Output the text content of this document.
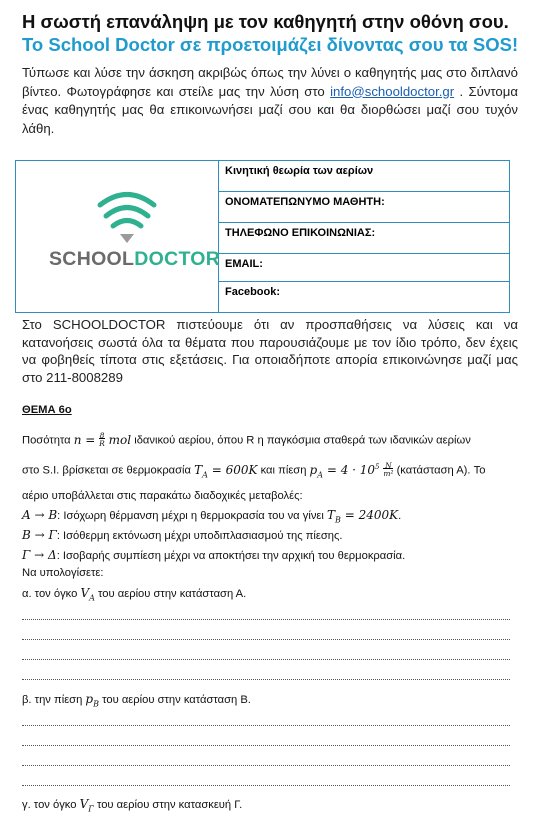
Η σωστή επανάληψη με τον καθηγητή στην οθόνη σου.
Το School Doctor σε προετοιμάζει δίνοντας σου τα SOS!
Τύπωσε και λύσε την άσκηση ακριβώς όπως την λύνει ο καθηγητής μας στο διπλανό βίντεο. Φωτογράφησε και στείλε μας την λύση στο info@schooldoctor.gr . Σύντομα ένας καθηγητής μας θα επικοινωνήσει μαζί σου και θα διορθώσει μαζί σου τυχόν λάθη.
SCHOOLDOCTOR
	Κινητική θεωρία των αερίων
ΟΝΟΜΑΤΕΠΩΝΥΜΟ ΜΑΘΗΤΗ:
ΤΗΛΕΦΩΝΟ ΕΠΙΚΟΙΝΩΝΙΑΣ:
EMAIL:
Facebook:
Στο SCHOOLDOCTOR πιστεύουμε ότι αν προσπαθήσεις να λύσεις και να κατανοήσεις σωστά όλα τα θέματα που παρουσιάζουμε με τον ίδιο τρόπο, δεν έχεις να φοβηθείς τίποτα στις εξετάσεις. Για οποιαδήποτε απορία επικοινώνησε μαζί μας στο 211-8008289
ΘΕΜΑ 6ο
Ποσότητα n = 8
R mol ιδανικού αερίου, όπου R η παγκόσμια σταθερά των ιδανικών αερίων
στο S.I. βρίσκεται σε θερμοκρασία $T_A = 600K$ και πίεση $p_A = 4 \cdot 10^5$ N
m² (κατάσταση Α). Το
αέριο υποβάλλεται στις παρακάτω διαδοχικές μεταβολές:
A → B: Ισόχωρη θέρμανση μέχρι η θερμοκρασία του να γίνει $T_B = 2400K$.
B → Γ: Ισόθερμη εκτόνωση μέχρι υποδιπλασιασμού της πίεσης.
Γ → Δ: Ισοβαρής συμπίεση μέχρι να αποκτήσει την αρχική του θερμοκρασία.
Να υπολογίσετε:
α. τον όγκο $V_A$ του αερίου στην κατάσταση Α.
β. την πίεση $p_B$ του αερίου στην κατάσταση Β.
γ. τον όγκο $V_\Gamma$ του αερίου στην κατασκευή Γ.
